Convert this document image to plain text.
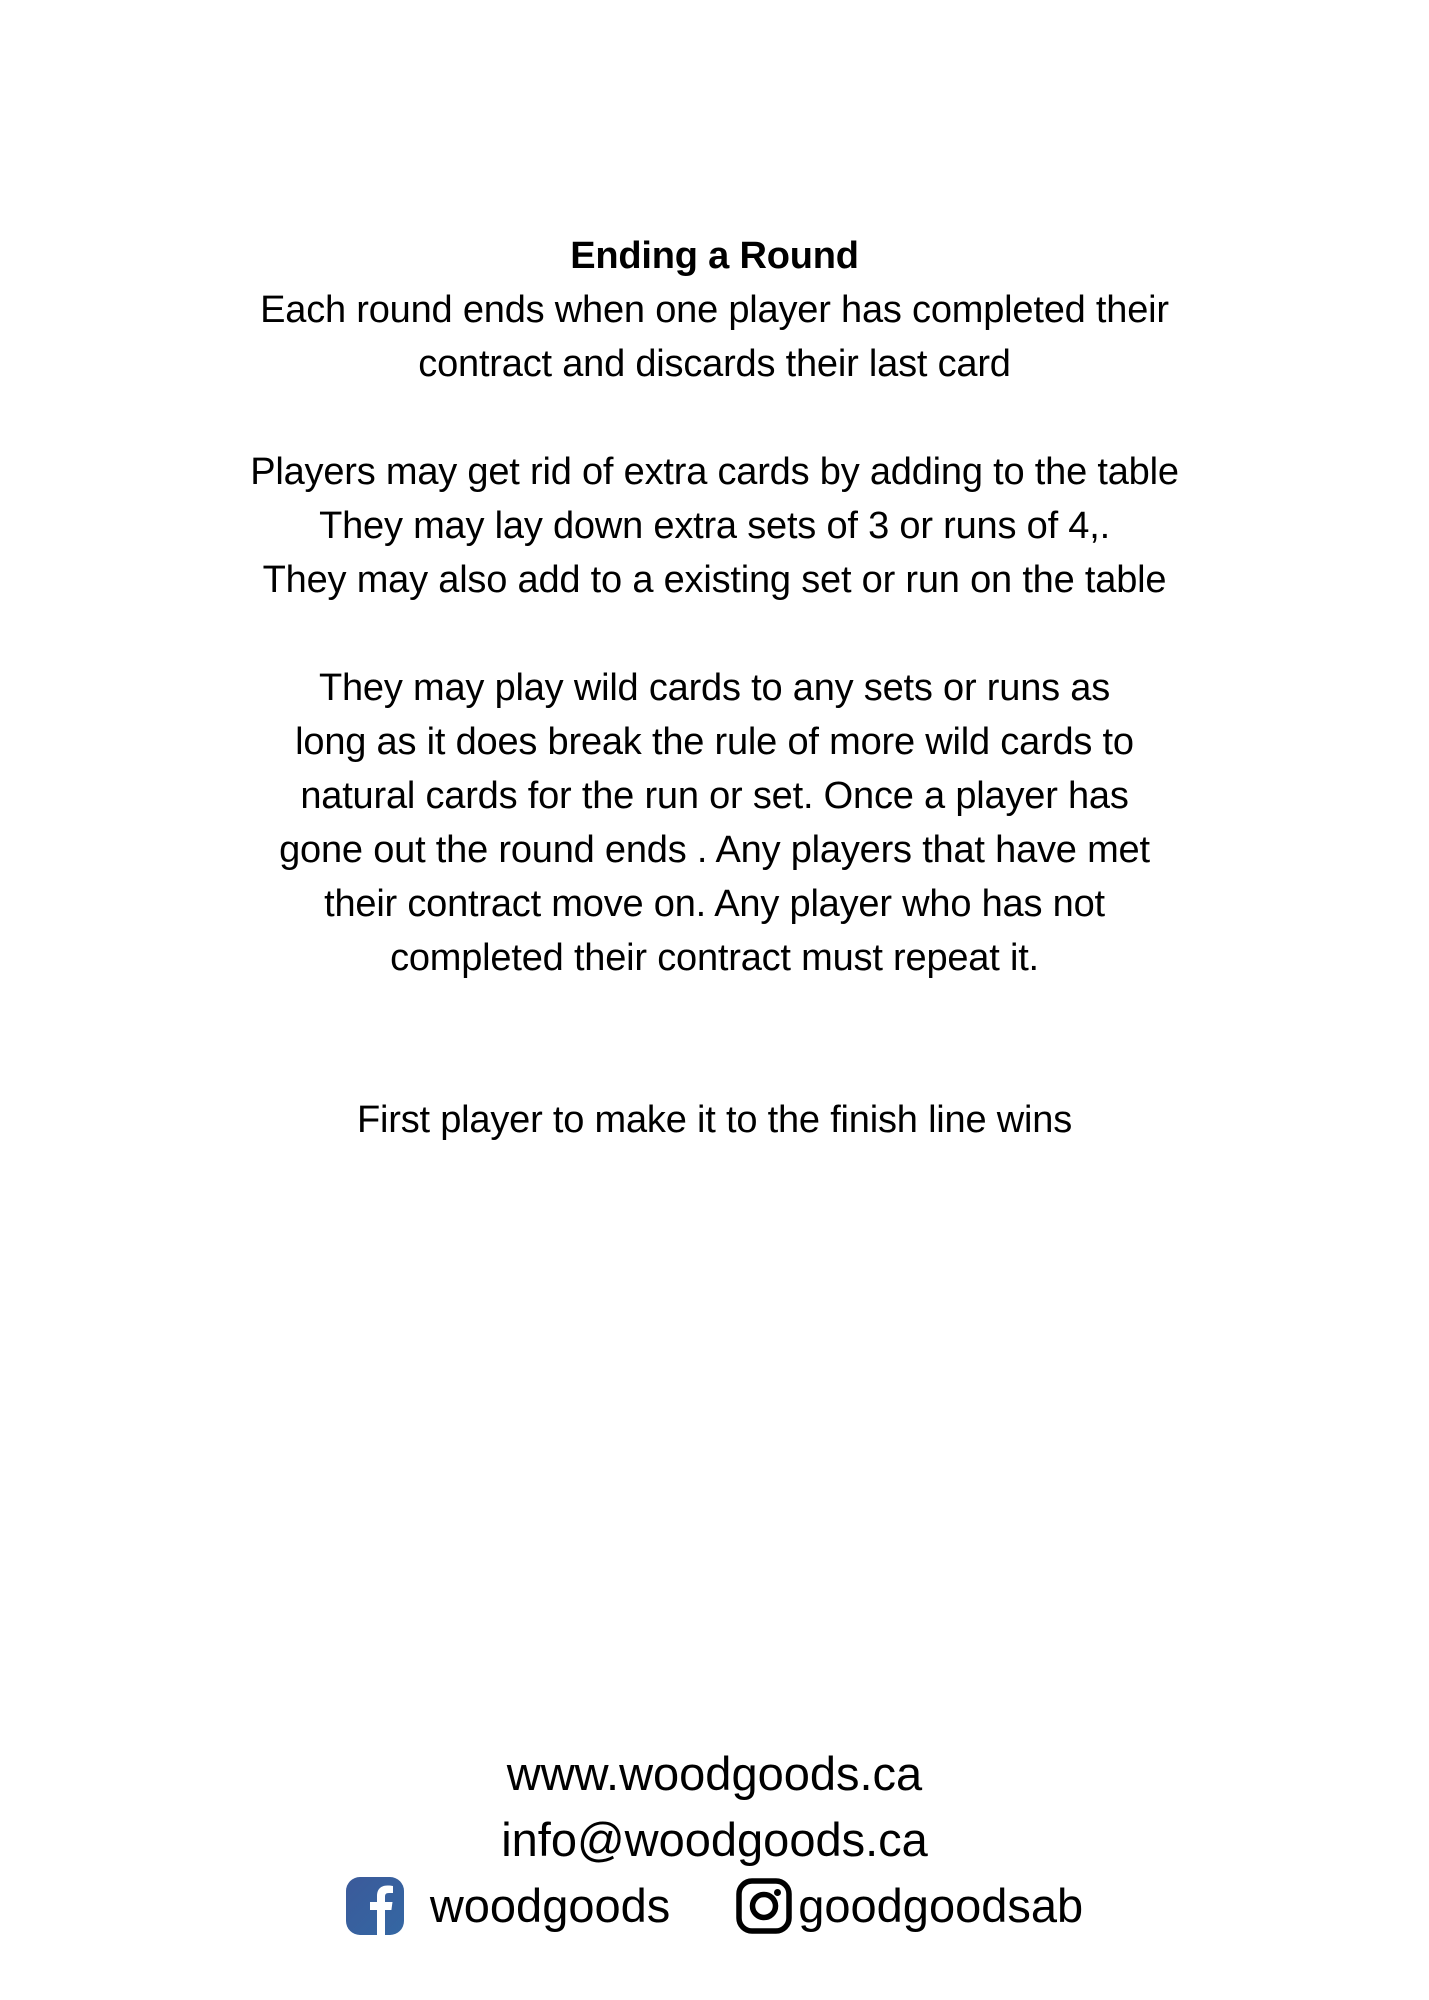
Ending a Round
Each round ends when one player has completed their
contract and discards their last card
Players may get rid of extra cards by adding to the table
They may lay down extra sets of 3 or runs of 4,.
They may also add to a existing set or run on the table
They may play wild cards to any sets or runs as
long as it does break the rule of more wild cards to
natural cards for the run or set. Once a player has
gone out the round ends . Any players that have met
their contract move on. Any player who has not
completed their contract must repeat it.
First player to make it to the finish line wins
www.woodgoods.ca
info@woodgoods.ca
woodgoods	goodgoodsab
